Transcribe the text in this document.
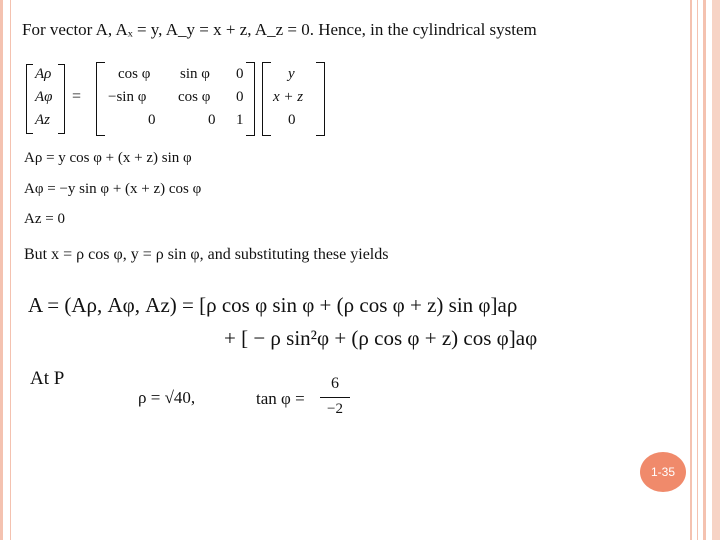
For vector A, Aₓ = y, A_y = x + z, A_z = 0. Hence, in the cylindrical system
Aρ
Aφ
Az
=
cos φ sin φ 0
−sin φ cos φ 0
0	0 1
y
x + z
0
Aρ = y cos φ + (x + z) sin φ
Aφ = −y sin φ + (x + z) cos φ
Az = 0
But x = ρ cos φ, y = ρ sin φ, and substituting these yields
A = (Aρ, Aφ, Az) = [ρ cos φ sin φ + (ρ cos φ + z) sin φ]aρ
+ [ − ρ sin²φ + (ρ cos φ + z) cos φ]aφ
At P
ρ = √40,	tan φ =
6
−2
1-35
